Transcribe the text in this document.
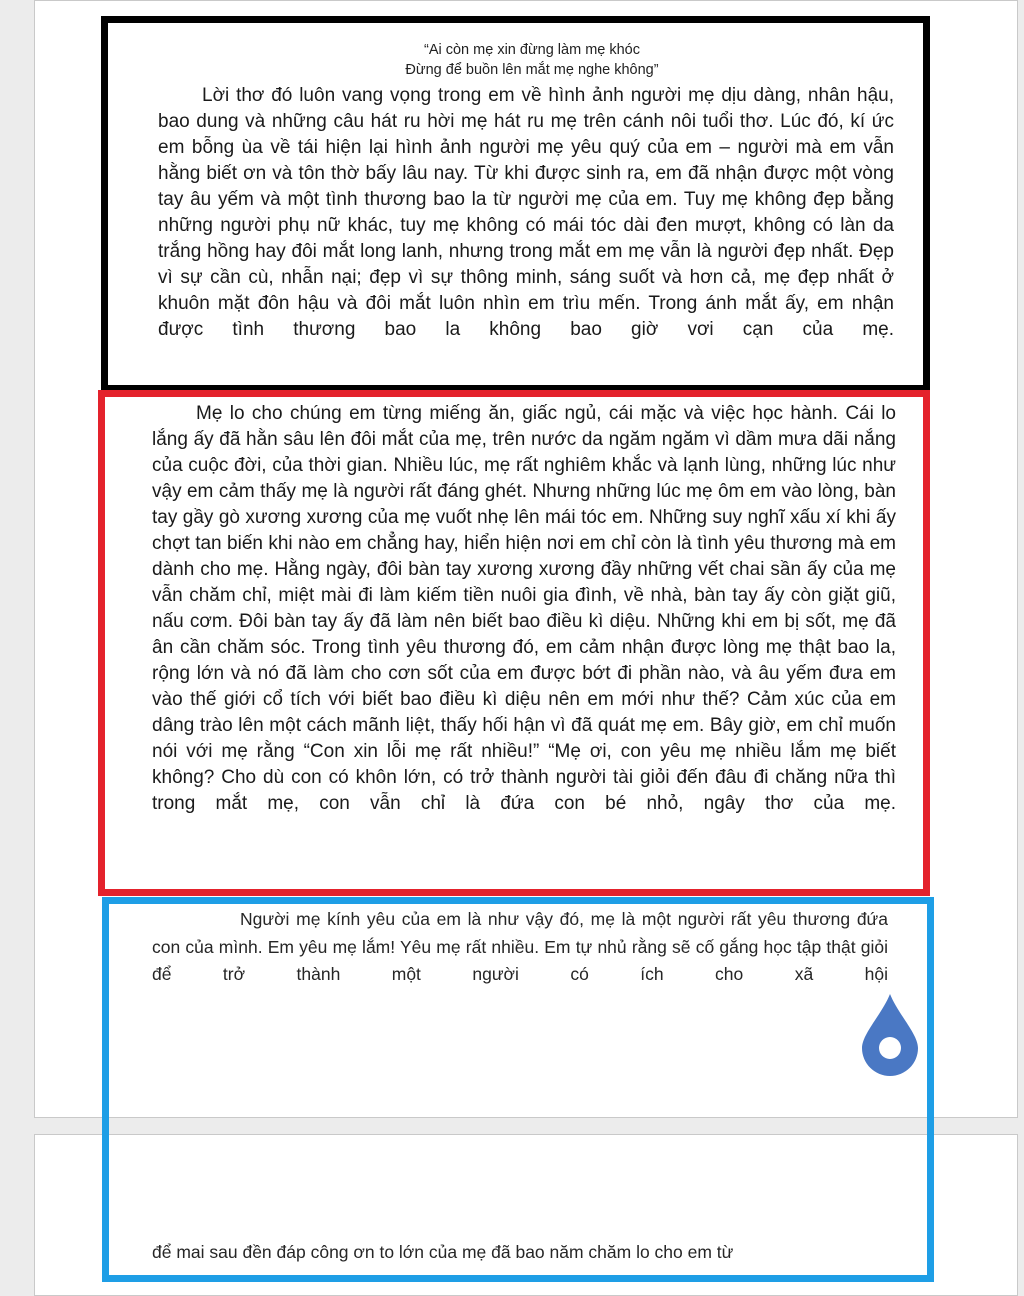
“Ai còn mẹ xin đừng làm mẹ khóc
Đừng để buồn lên mắt mẹ nghe không”

Lời thơ đó luôn vang vọng trong em về hình ảnh người mẹ dịu dàng, nhân hậu, bao dung và những câu hát ru hời mẹ hát ru mẹ trên cánh nôi tuổi thơ. Lúc đó, kí ức em bỗng ùa về tái hiện lại hình ảnh người mẹ yêu quý của em – người mà em vẫn hằng biết ơn và tôn thờ bấy lâu nay. Từ khi được sinh ra, em đã nhận được một vòng tay âu yếm và một tình thương bao la từ người mẹ của em. Tuy mẹ không đẹp bằng những người phụ nữ khác, tuy mẹ không có mái tóc dài đen mượt, không có làn da trắng hồng hay đôi mắt long lanh, nhưng trong mắt em mẹ vẫn là người đẹp nhất. Đẹp vì sự cần cù, nhẫn nại; đẹp vì sự thông minh, sáng suốt và hơn cả, mẹ đẹp nhất ở khuôn mặt đôn hậu và đôi mắt luôn nhìn em trìu mến. Trong ánh mắt ấy, em nhận được tình thương bao la không bao giờ vơi cạn của mẹ.

Mẹ lo cho chúng em từng miếng ăn, giấc ngủ, cái mặc và việc học hành. Cái lo lắng ấy đã hằn sâu lên đôi mắt của mẹ, trên nước da ngăm ngăm vì dầm mưa dãi nắng của cuộc đời, của thời gian. Nhiều lúc, mẹ rất nghiêm khắc và lạnh lùng, những lúc như vậy em cảm thấy mẹ là người rất đáng ghét. Nhưng những lúc mẹ ôm em vào lòng, bàn tay gầy gò xương xương của mẹ vuốt nhẹ lên mái tóc em. Những suy nghĩ xấu xí khi ấy chợt tan biến khi nào em chẳng hay, hiển hiện nơi em chỉ còn là tình yêu thương mà em dành cho mẹ. Hằng ngày, đôi bàn tay xương xương đầy những vết chai sần ấy của mẹ vẫn chăm chỉ, miệt mài đi làm kiếm tiền nuôi gia đình, về nhà, bàn tay ấy còn giặt giũ, nấu cơm. Đôi bàn tay ấy đã làm nên biết bao điều kì diệu. Những khi em bị sốt, mẹ đã ân cần chăm sóc. Trong tình yêu thương đó, em cảm nhận được lòng mẹ thật bao la, rộng lớn và nó đã làm cho cơn sốt của em được bớt đi phần nào, và âu yếm đưa em vào thế giới cổ tích với biết bao điều kì diệu nên em mới như thế? Cảm xúc của em dâng trào lên một cách mãnh liệt, thấy hối hận vì đã quát mẹ em. Bây giờ, em chỉ muốn nói với mẹ rằng “Con xin lỗi mẹ rất nhiều!” “Mẹ ơi, con yêu mẹ nhiều lắm mẹ biết không? Cho dù con có khôn lớn, có trở thành người tài giỏi đến đâu đi chăng nữa thì trong mắt mẹ, con vẫn chỉ là đứa con bé nhỏ, ngây thơ của mẹ.

Người mẹ kính yêu của em là như vậy đó, mẹ là một người rất yêu thương đứa con của mình. Em yêu mẹ lắm! Yêu mẹ rất nhiều. Em tự nhủ rằng sẽ cố gắng học tập thật giỏi để trở thành một người có ích cho xã hội

để mai sau đền đáp công ơn to lớn của mẹ đã bao năm chăm lo cho em từ
